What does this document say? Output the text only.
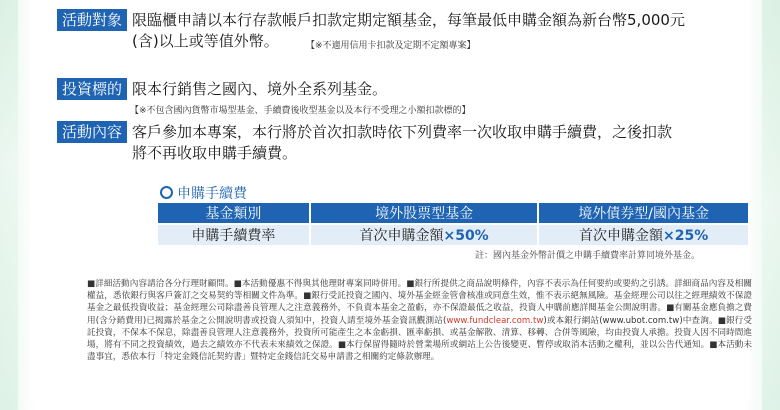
活動對象 限臨櫃申請以本行存款帳戶扣款定期定額基金，每筆最低申購金額為新台幣5,000元
(含)以上或等值外幣。	【※不適用信用卡扣款及定期不定額專案】
投資標的 限本行銷售之國內、境外全系列基金。
【※不包含國內貨幣市場型基金、手續費後收型基金以及本行不受理之小額扣款標的】
活動內容 客戶參加本專案，本行將於首次扣款時依下列費率一次收取申購手續費，之後扣款
將不再收取申購手續費。
申購手續費
基金類別	境外股票型基金	境外債券型/國內基金
申購手續費率	首次申購金額×50%	首次申購金額×25%
註：國內基金外幣計價之申購手續費率計算同境外基金。
■詳細活動內容請洽各分行理財顧問。■本活動優惠不得與其他理財專案同時併用。■銀行所提供之商品說明條件，內容不表示為任何要約或要約之引誘。詳細商品內容及相關權益，悉依銀行與客戶簽訂之交易契約等相關文件為準。■銀行受託投資之國內、境外基金經金管會核准或同意生效，惟不表示絕無風險。基金經理公司以往之經理績效不保證基金之最低投資收益；基金經理公司除盡善良管理人之注意義務外，不負責本基金之盈虧，亦不保證最低之收益，投資人申購前應詳閱基金公開說明書。■有關基金應負擔之費用(含分銷費用)已揭露於基金之公開說明書或投資人須知中，投資人請至境外基金資訊觀測站(www.fundclear.com.tw)或本銀行網站(www.ubot.com.tw)中查詢。■銀行受託投資，不保本不保息，除盡善良管理人注意義務外，投資所可能產生之本金虧損、匯率虧損、或基金解散、清算、移轉、合併等風險，均由投資人承擔。投資人因不同時間進場，將有不同之投資績效，過去之績效亦不代表未來績效之保證。■本行保留得隨時於營業場所或網站上公告後變更、暫停或取消本活動之權利，並以公告代通知。■本活動未盡事宜，悉依本行「特定金錢信託契約書」暨特定金錢信託交易申請書之相關約定條款辦理。
